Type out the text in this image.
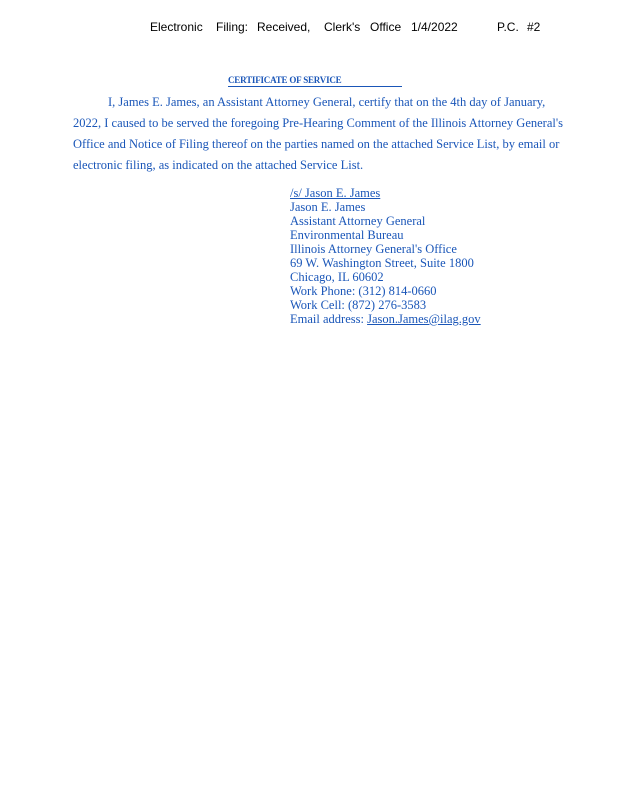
Electronic Filing: Received, Clerk's Office 1/4/2022	P.C. #2
CERTIFICATE OF SERVICE
I, James E. James, an Assistant Attorney General, certify that on the 4th day of January,
2022, I caused to be served the foregoing Pre-Hearing Comment of the Illinois Attorney General's
Office and Notice of Filing thereof on the parties named on the attached Service List, by email or
electronic filing, as indicated on the attached Service List.
/s/ Jason E. James
Jason E. James
Assistant Attorney General
Environmental Bureau
Illinois Attorney General's Office
69 W. Washington Street, Suite 1800
Chicago, IL 60602
Work Phone: (312) 814-0660
Work Cell: (872) 276-3583
Email address: Jason.James@ilag.gov
